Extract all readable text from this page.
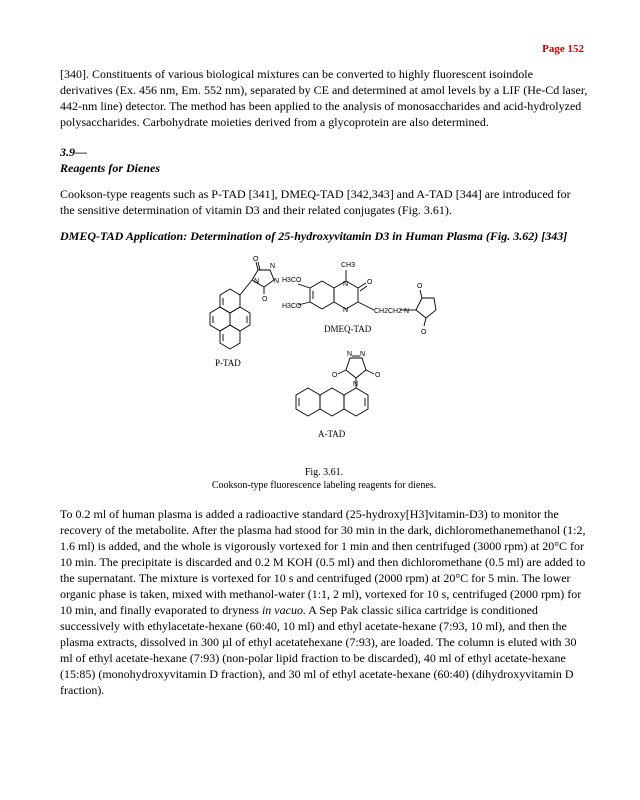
Page 152

[340]. Constituents of various biological mixtures can be converted to highly fluorescent isoindole derivatives (Ex. 456 nm, Em. 552 nm), separated by CE and determined at amol levels by a LIF (He-Cd laser, 442-nm line) detector. The method has been applied to the analysis of monosaccharides and acid-hydrolyzed polysaccharides. Carbohydrate moieties derived from a glycoprotein are also determined.

3.9—

Reagents for Dienes

Cookson-type reagents such as P-TAD [341], DMEQ-TAD [342,343] and A-TAD [344] are introduced for the sensitive determination of vitamin D3 and their related conjugates (Fig. 3.61).

DMEQ-TAD Application: Determination of 25-hydroxyvitamin D3 in Human Plasma (Fig. 3.62) [343]

N
N
N
O
O
CH3
H3CO
H3CO
N
N
O
CH2CH2 N
O
O
N N
O	O
N
P-TAD
DMEQ-TAD
A-TAD

Fig. 3.61.

Cookson-type fluorescence labeling reagents for dienes.

To 0.2 ml of human plasma is added a radioactive standard (25-hydroxy[H3]vitamin-D3) to monitor the recovery of the metabolite. After the plasma had stood for 30 min in the dark, dichloromethanemethanol (1:2, 1.6 ml) is added, and the whole is vigorously vortexed for 1 min and then centrifuged (3000 rpm) at 20°C for 10 min. The precipitate is discarded and 0.2 M KOH (0.5 ml) and then dichloromethane (0.5 ml) are added to the supernatant. The mixture is vortexed for 10 s and centrifuged (2000 rpm) at 20°C for 5 min. The lower organic phase is taken, mixed with methanol-water (1:1, 2 ml), vortexed for 10 s, centrifuged (2000 rpm) for 10 min, and finally evaporated to dryness in vacuo. A Sep Pak classic silica cartridge is conditioned successively with ethylacetate-hexane (60:40, 10 ml) and ethyl acetate-hexane (7:93, 10 ml), and then the plasma extracts, dissolved in 300 µl of ethyl acetatehexane (7:93), are loaded. The column is eluted with 30 ml of ethyl acetate-hexane (7:93) (non-polar lipid fraction to be discarded), 40 ml of ethyl acetate-hexane (15:85) (monohydroxyvitamin D fraction), and 30 ml of ethyl acetate-hexane (60:40) (dihydroxyvitamin D fraction).
